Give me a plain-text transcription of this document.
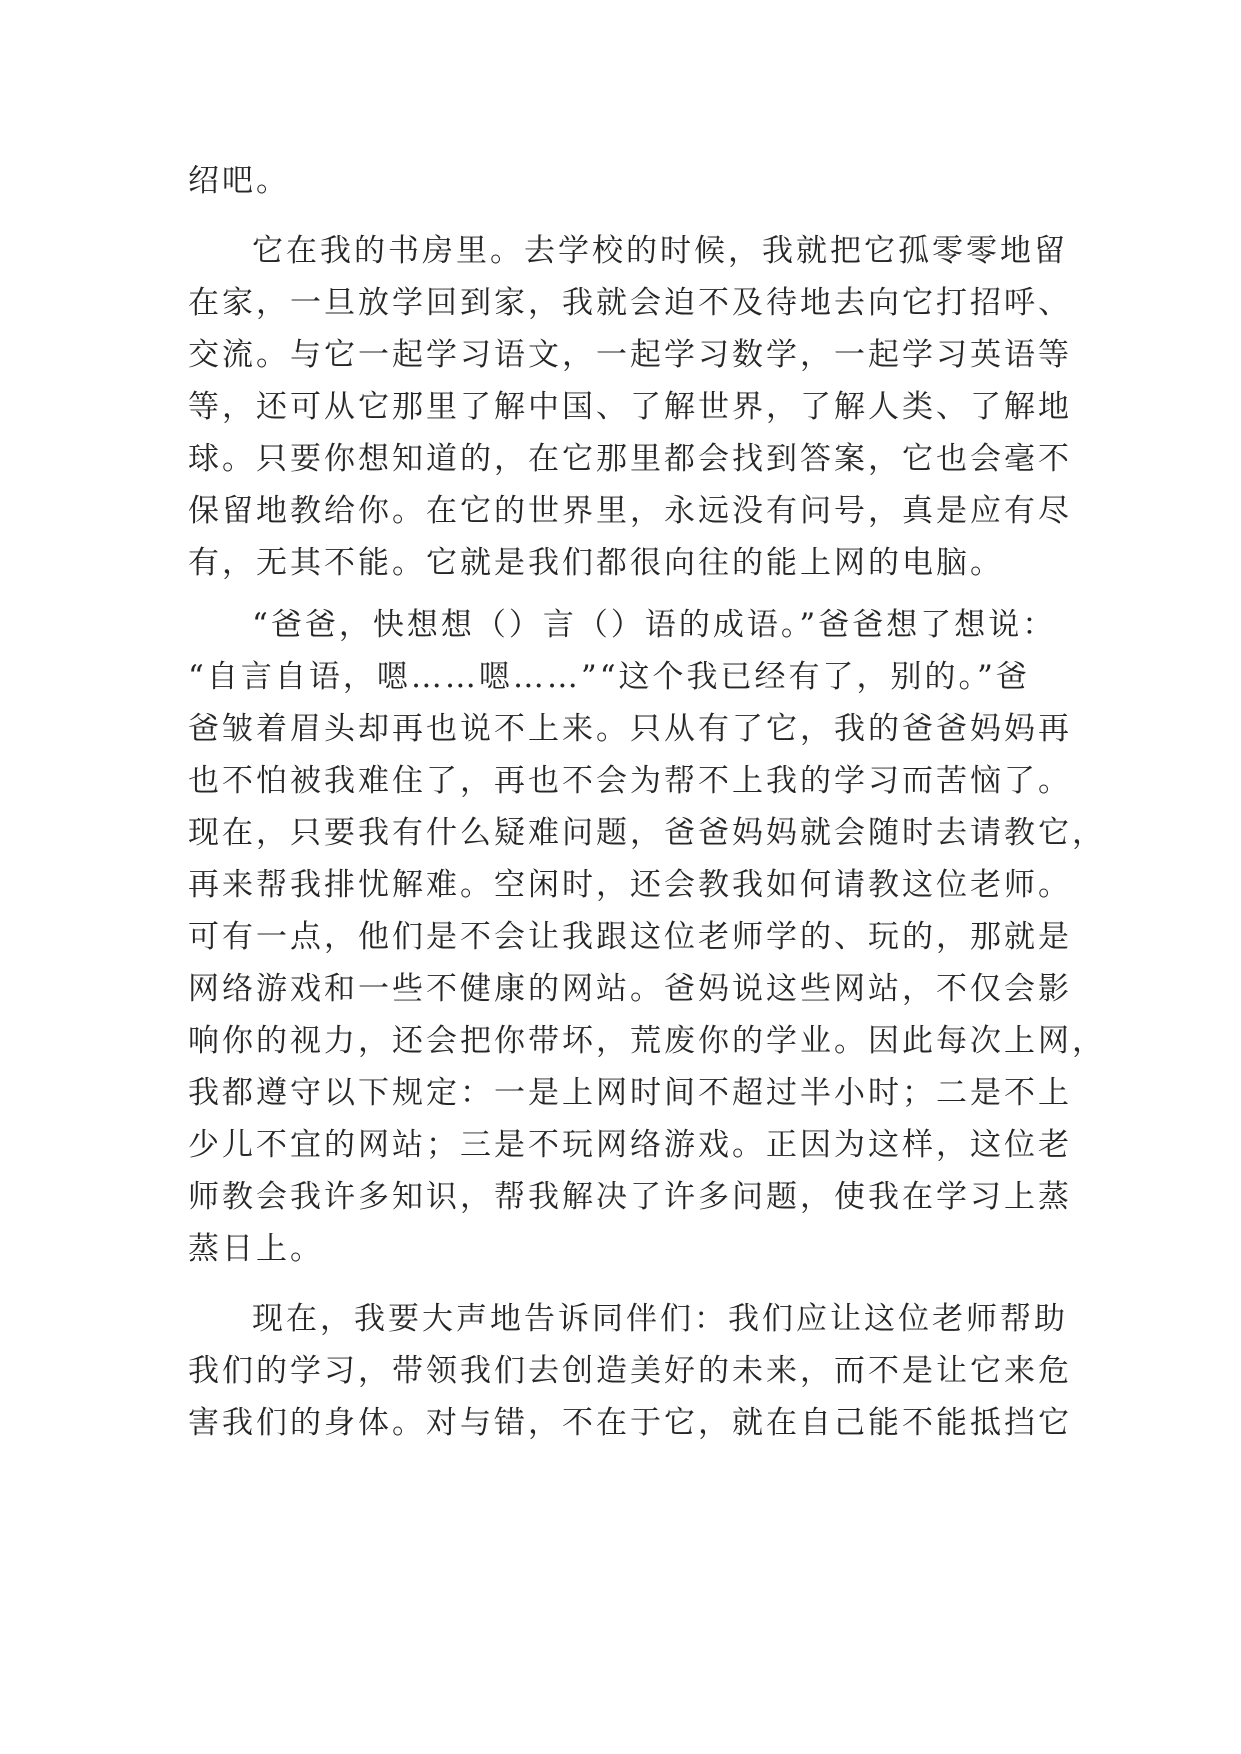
绍吧。
它在我的书房里。去学校的时候，我就把它孤零零地留
在家，一旦放学回到家，我就会迫不及待地去向它打招呼、
交流。与它一起学习语文，一起学习数学，一起学习英语等
等，还可从它那里了解中国、了解世界，了解人类、了解地
球。只要你想知道的，在它那里都会找到答案，它也会毫不
保留地教给你。在它的世界里，永远没有问号，真是应有尽
有，无其不能。它就是我们都很向往的能上网的电脑。
“爸爸，快想想（）言（）语的成语。”爸爸想了想说：
“自言自语，嗯……嗯……”“这个我已经有了，别的。”爸
爸皱着眉头却再也说不上来。只从有了它，我的爸爸妈妈再
也不怕被我难住了，再也不会为帮不上我的学习而苦恼了。
现在，只要我有什么疑难问题，爸爸妈妈就会随时去请教它，
再来帮我排忧解难。空闲时，还会教我如何请教这位老师。
可有一点，他们是不会让我跟这位老师学的、玩的，那就是
网络游戏和一些不健康的网站。爸妈说这些网站，不仅会影
响你的视力，还会把你带坏，荒废你的学业。因此每次上网，
我都遵守以下规定：一是上网时间不超过半小时；二是不上
少儿不宜的网站；三是不玩网络游戏。正因为这样，这位老
师教会我许多知识，帮我解决了许多问题，使我在学习上蒸
蒸日上。
现在，我要大声地告诉同伴们：我们应让这位老师帮助
我们的学习，带领我们去创造美好的未来，而不是让它来危
害我们的身体。对与错，不在于它，就在自己能不能抵挡它
